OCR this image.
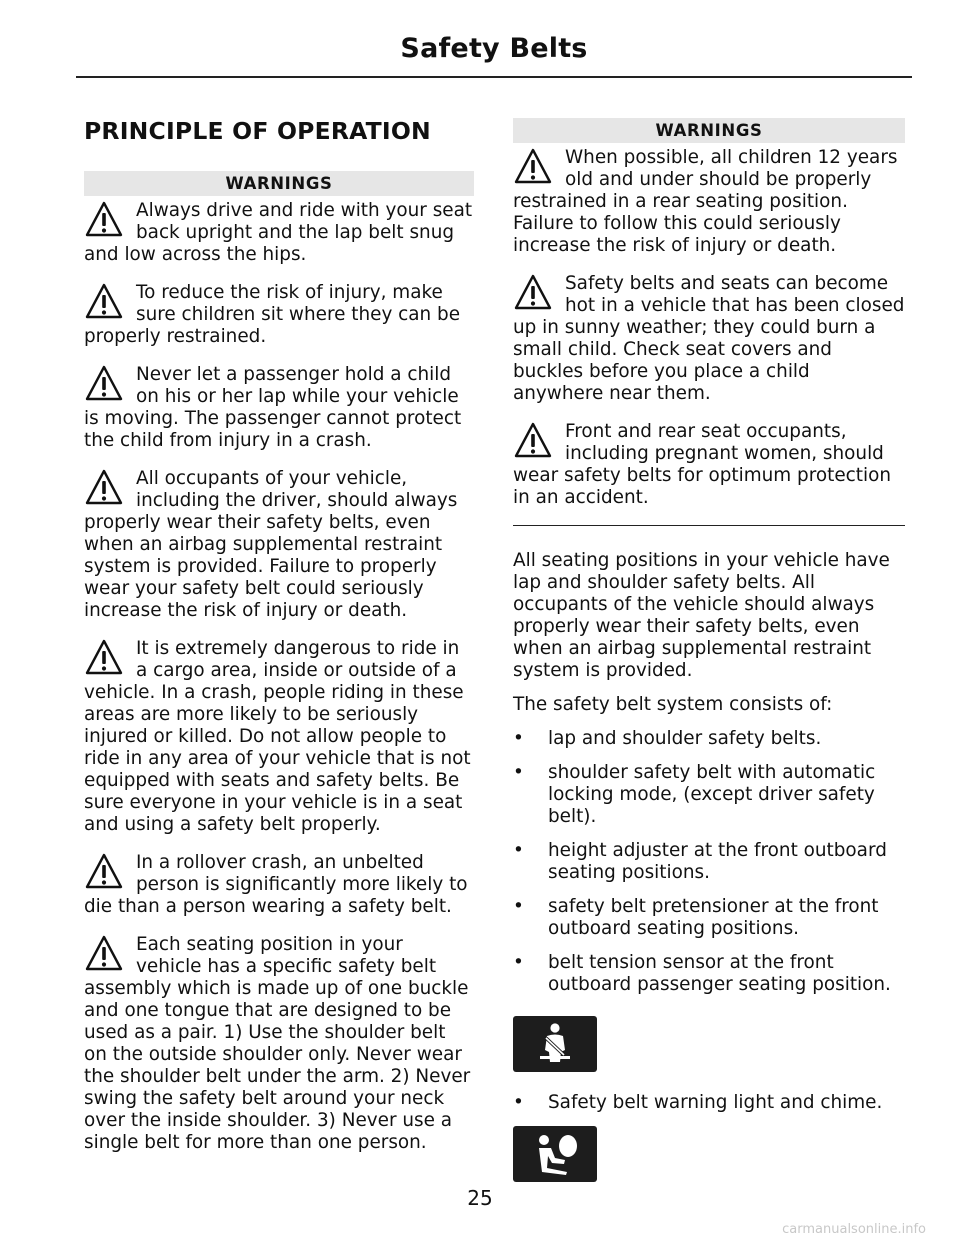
Safety Belts
PRINCIPLE OF OPERATION
WARNINGS

Always drive and ride with your seat back upright and the lap belt snug and low across the hips.

To reduce the risk of injury, make sure children sit where they can be properly restrained.

Never let a passenger hold a child on his or her lap while your vehicle is moving. The passenger cannot protect the child from injury in a crash.

All occupants of your vehicle, including the driver, should always properly wear their safety belts, even when an airbag supplemental restraint system is provided. Failure to properly wear your safety belt could seriously increase the risk of injury or death.

It is extremely dangerous to ride in a cargo area, inside or outside of a vehicle. In a crash, people riding in these areas are more likely to be seriously injured or killed. Do not allow people to ride in any area of your vehicle that is not equipped with seats and safety belts. Be sure everyone in your vehicle is in a seat and using a safety belt properly.

In a rollover crash, an unbelted person is significantly more likely to die than a person wearing a safety belt.

Each seating position in your vehicle has a specific safety belt assembly which is made up of one buckle and one tongue that are designed to be used as a pair. 1) Use the shoulder belt on the outside shoulder only. Never wear the shoulder belt under the arm. 2) Never swing the safety belt around your neck over the inside shoulder. 3) Never use a single belt for more than one person.

WARNINGS

When possible, all children 12 years old and under should be properly restrained in a rear seating position. Failure to follow this could seriously increase the risk of injury or death.

Safety belts and seats can become hot in a vehicle that has been closed up in sunny weather; they could burn a small child. Check seat covers and buckles before you place a child anywhere near them.

Front and rear seat occupants, including pregnant women, should wear safety belts for optimum protection in an accident.

All seating positions in your vehicle have lap and shoulder safety belts. All occupants of the vehicle should always properly wear their safety belts, even when an airbag supplemental restraint system is provided.

The safety belt system consists of:

• lap and shoulder safety belts.
• shoulder safety belt with automatic locking mode, (except driver safety belt).
• height adjuster at the front outboard seating positions.
• safety belt pretensioner at the front outboard seating positions.
• belt tension sensor at the front outboard passenger seating position.
• Safety belt warning light and chime.
25
carmanualsonline.info
